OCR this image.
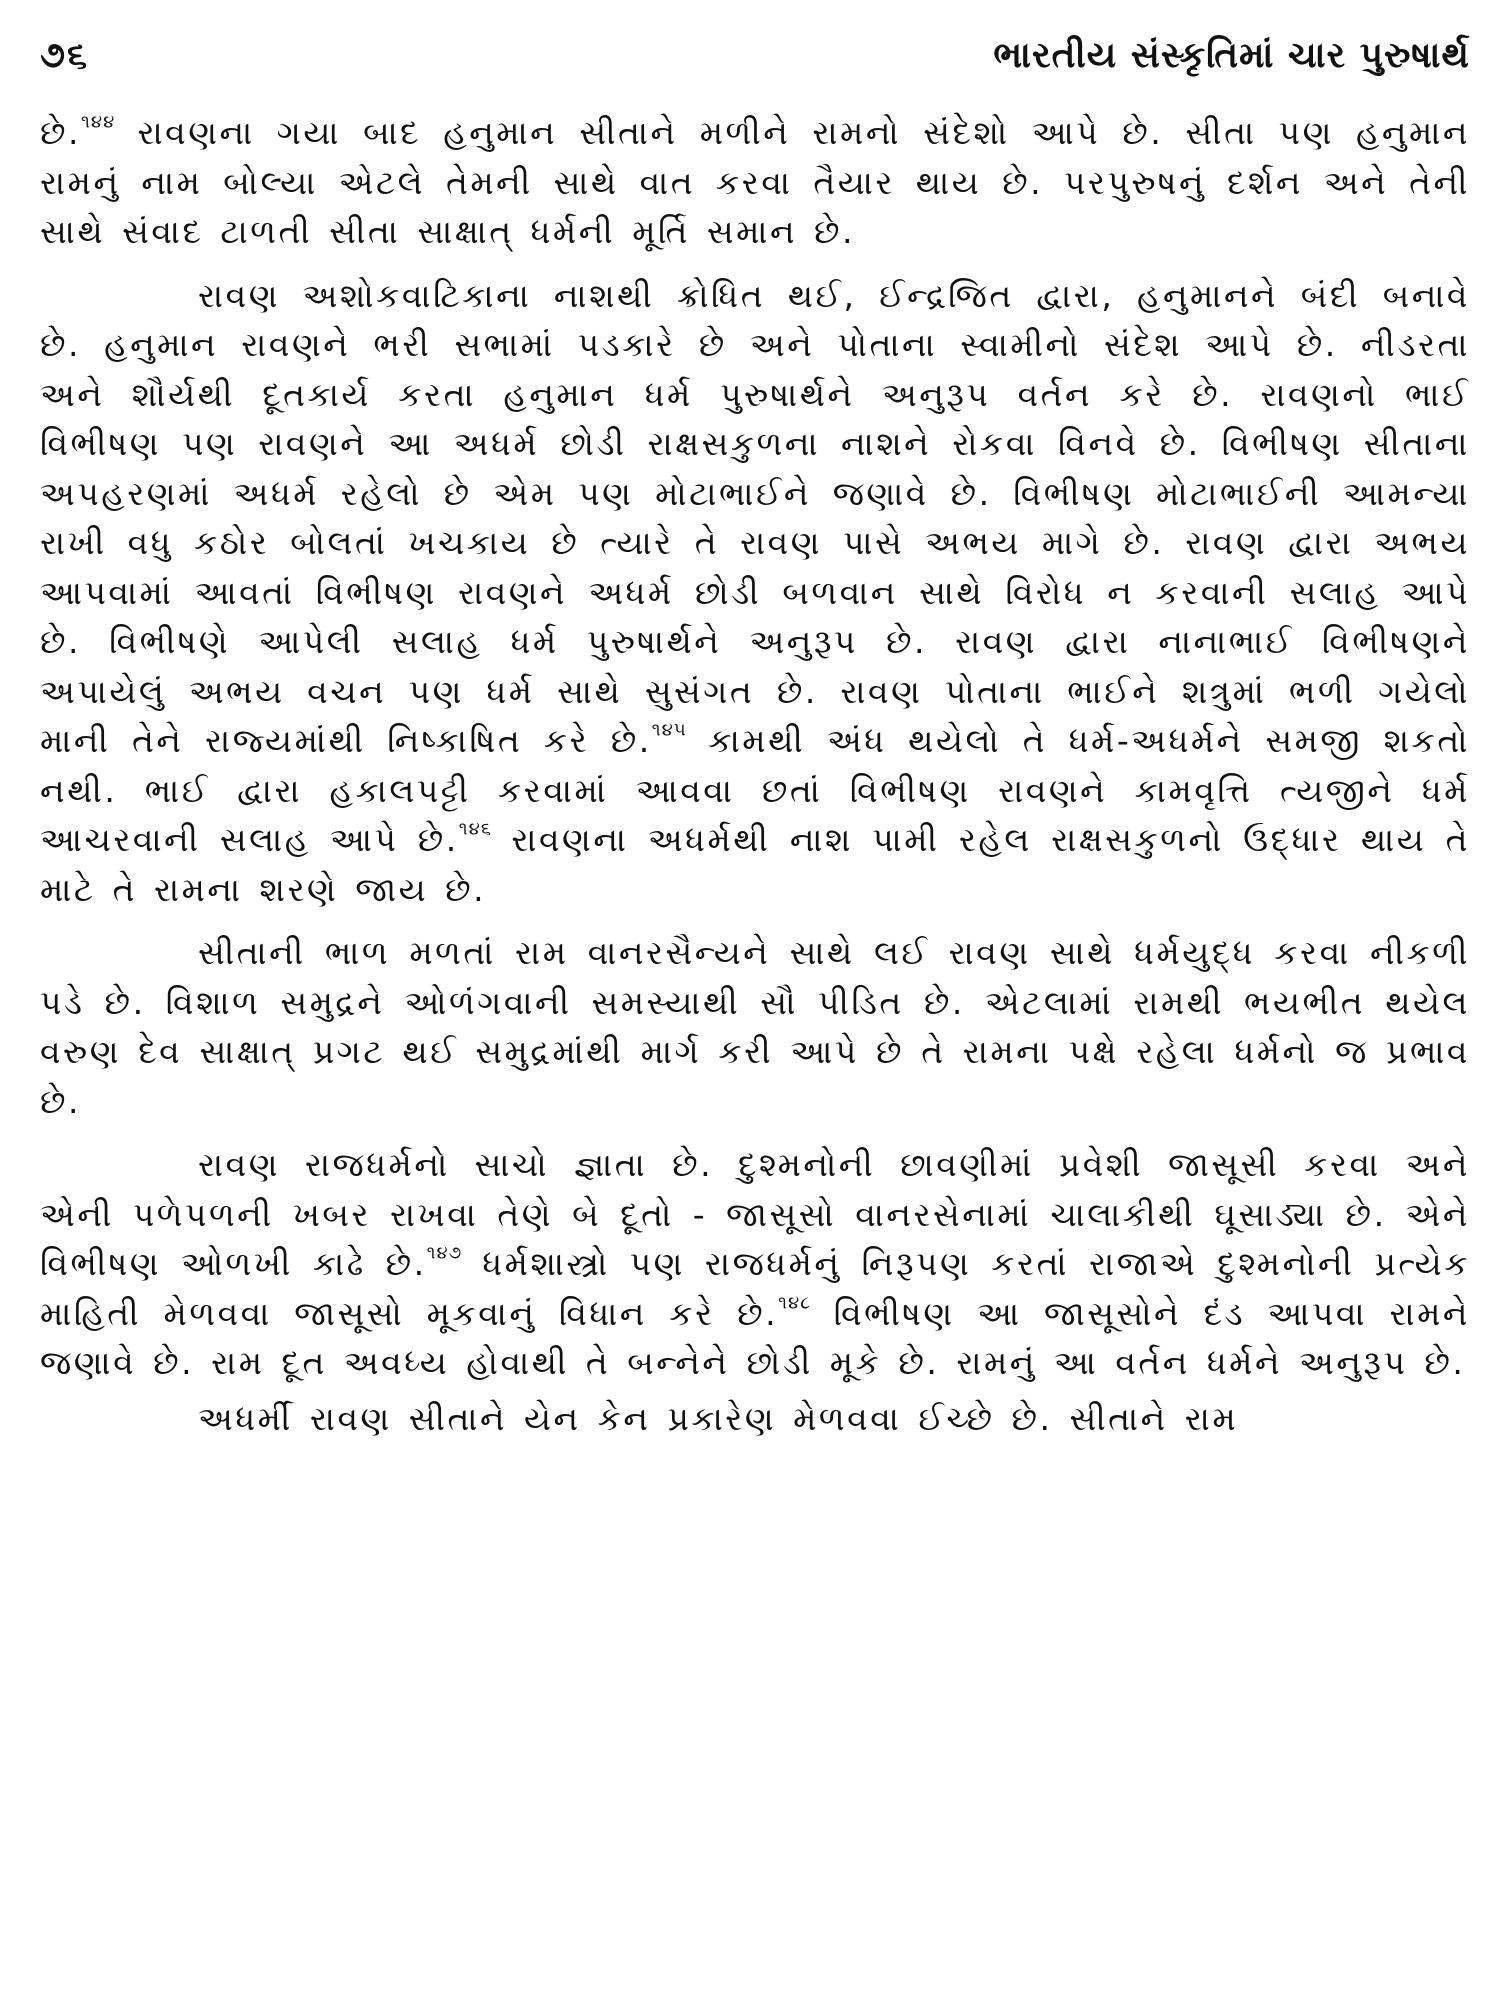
૭૬	ભારતીય સંસ્કૃતિમાં ચાર પુરુષાર્થ

છે.$^{૧૪૪}$ રાવણના ગયા બાદ હનુમાન સીતાને મળીને રામનો સંદેશો આપે છે. સીતા પણ હનુમાન રામનું નામ બોલ્યા એટલે તેમની સાથે વાત કરવા તૈયાર થાય છે. પરપુરુષનું દર્શન અને તેની સાથે સંવાદ ટાળતી સીતા સાક્ષાત્ ધર્મની મૂર્તિ સમાન છે.

રાવણ અશોકવાટિકાના નાશથી ક્રોધિત થઈ, ઈન્દ્રજિત દ્વારા, હનુમાનને બંદી બનાવે છે. હનુમાન રાવણને ભરી સભામાં પડકારે છે અને પોતાના સ્વામીનો સંદેશ આપે છે. નીડરતા અને શૌર્યથી દૂતકાર્ય કરતા હનુમાન ધર્મ પુરુષાર્થને અનુરૂપ વર્તન કરે છે. રાવણનો ભાઈ વિભીષણ પણ રાવણને આ અધર્મ છોડી રાક્ષસકુળના નાશને રોકવા વિનવે છે. વિભીષણ સીતાના અપહરણમાં અધર્મ રહેલો છે એમ પણ મોટાભાઈને જણાવે છે. વિભીષણ મોટાભાઈની આમન્યા રાખી વધુ કઠોર બોલતાં ખચકાય છે ત્યારે તે રાવણ પાસે અભય માગે છે. રાવણ દ્વારા અભય આપવામાં આવતાં વિભીષણ રાવણને અધર્મ છોડી બળવાન સાથે વિરોધ ન કરવાની સલાહ આપે છે. વિભીષણે આપેલી સલાહ ધર્મ પુરુષાર્થને અનુરૂપ છે. રાવણ દ્વારા નાનાભાઈ વિભીષણને અપાયેલું અભય વચન પણ ધર્મ સાથે સુસંગત છે. રાવણ પોતાના ભાઈને શત્રુમાં ભળી ગયેલો માની તેને રાજ્યમાંથી નિષ્કાષિત કરે છે.$^{૧૪૫}$ કામથી અંધ થયેલો તે ધર્મ-અધર્મને સમજી શકતો નથી. ભાઈ દ્વારા હકાલપટ્ટી કરવામાં આવવા છતાં વિભીષણ રાવણને કામવૃત્તિ ત્યજીને ધર્મ આચરવાની સલાહ આપે છે.$^{૧૪૬}$ રાવણના અધર્મથી નાશ પામી રહેલ રાક્ષસકુળનો ઉદ્ધાર થાય તે માટે તે રામના શરણે જાય છે.

સીતાની ભાળ મળતાં રામ વાનરસૈન્યને સાથે લઈ રાવણ સાથે ધર્મયુદ્ધ કરવા નીકળી પડે છે. વિશાળ સમુદ્રને ઓળંગવાની સમસ્યાથી સૌ પીડિત છે. એટલામાં રામથી ભયભીત થયેલ વરુણ દેવ સાક્ષાત્ પ્રગટ થઈ સમુદ્રમાંથી માર્ગ કરી આપે છે તે રામના પક્ષે રહેલા ધર્મનો જ પ્રભાવ છે.

રાવણ રાજધર્મનો સાચો જ્ઞાતા છે. દુશ્મનોની છાવણીમાં પ્રવેશી જાસૂસી કરવા અને એની પળેપળની ખબર રાખવા તેણે બે દૂતો - જાસૂસો વાનરસેનામાં ચાલાકીથી ઘૂસાડ્યા છે. એને વિભીષણ ઓળખી કાઢે છે.$^{૧૪૭}$ ધર્મશાસ્ત્રો પણ રાજધર્મનું નિરૂપણ કરતાં રાજાએ દુશ્મનોની પ્રત્યેક માહિતી મેળવવા જાસૂસો મૂકવાનું વિધાન કરે છે.$^{૧૪૮}$ વિભીષણ આ જાસૂસોને દંડ આપવા રામને જણાવે છે. રામ દૂત અવધ્ય હોવાથી તે બન્નેને છોડી મૂકે છે. રામનું આ વર્તન ધર્મને અનુરૂપ છે.

અધર્મી રાવણ સીતાને યેન કેન પ્રકારેણ મેળવવા ઈચ્છે છે. સીતાને રામ
